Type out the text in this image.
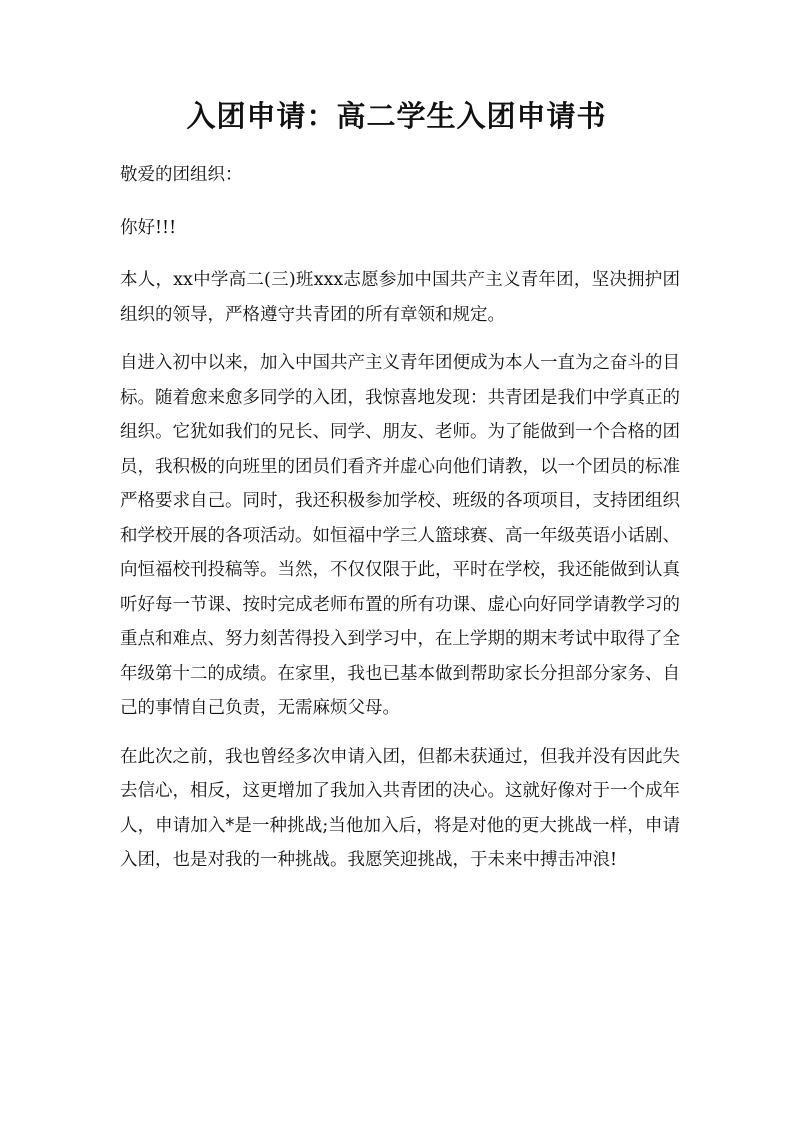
入团申请：高二学生入团申请书

敬爱的团组织：

你好!!!

本人，xx中学高二(三)班xxx志愿参加中国共产主义青年团，坚决拥护团组织的领导，严格遵守共青团的所有章领和规定。

自进入初中以来，加入中国共产主义青年团便成为本人一直为之奋斗的目标。随着愈来愈多同学的入团，我惊喜地发现：共青团是我们中学真正的组织。它犹如我们的兄长、同学、朋友、老师。为了能做到一个合格的团员，我积极的向班里的团员们看齐并虚心向他们请教，以一个团员的标准严格要求自己。同时，我还积极参加学校、班级的各项项目，支持团组织和学校开展的各项活动。如恒福中学三人篮球赛、高一年级英语小话剧、向恒福校刊投稿等。当然，不仅仅限于此，平时在学校，我还能做到认真听好每一节课、按时完成老师布置的所有功课、虚心向好同学请教学习的重点和难点、努力刻苦得投入到学习中，在上学期的期末考试中取得了全年级第十二的成绩。在家里，我也已基本做到帮助家长分担部分家务、自己的事情自己负责，无需麻烦父母。

在此次之前，我也曾经多次申请入团，但都未获通过，但我并没有因此失去信心，相反，这更增加了我加入共青团的决心。这就好像对于一个成年人，申请加入*是一种挑战;当他加入后，将是对他的更大挑战一样，申请入团，也是对我的一种挑战。我愿笑迎挑战，于未来中搏击冲浪!
